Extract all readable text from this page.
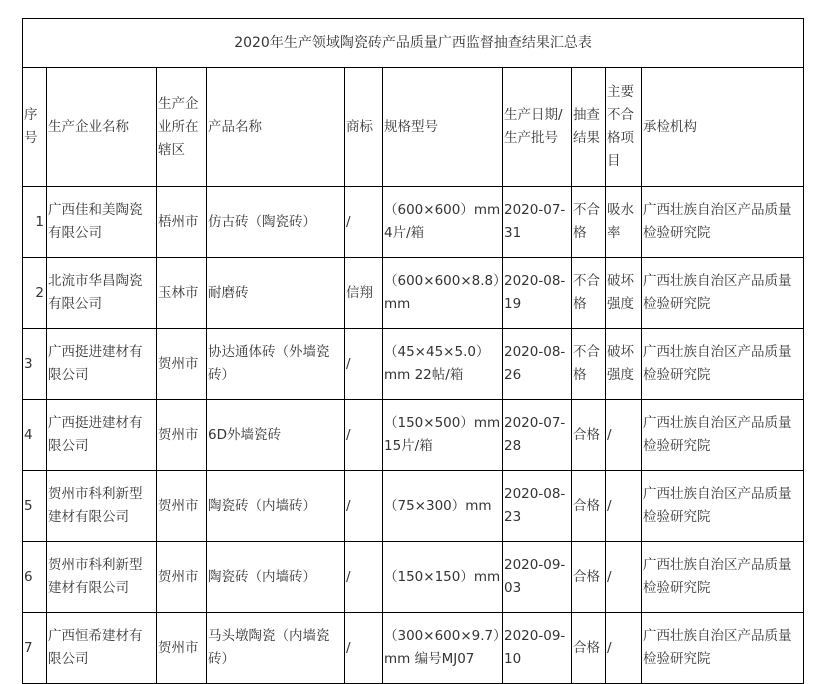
2020年生产领域陶瓷砖产品质量广西监督抽查结果汇总表									
序号	生产企业名称	生产企业所在辖区	产品名称	商标	规格型号	生产日期/生产批号	抽查结果	主要不合格项目	承检机构
1	广西佳和美陶瓷有限公司	梧州市	仿古砖（陶瓷砖）	/	（600×600）mm 4片/箱	2020-07-31	不合格	吸水率	广西壮族自治区产品质量检验研究院
2	北流市华昌陶瓷有限公司	玉林市	耐磨砖	信翔	（600×600×8.8）mm	2020-08-19	不合格	破坏强度	广西壮族自治区产品质量检验研究院
3	广西挺进建材有限公司	贺州市	协达通体砖（外墙瓷砖）	/	（45×45×5.0）mm 22帖/箱	2020-08-26	不合格	破坏强度	广西壮族自治区产品质量检验研究院
4	广西挺进建材有限公司	贺州市	6D外墙瓷砖	/	（150×500）mm 15片/箱	2020-07-28	合格	/	广西壮族自治区产品质量检验研究院
5	贺州市科利新型建材有限公司	贺州市	陶瓷砖（内墙砖）	/	（75×300）mm	2020-08-23	合格	/	广西壮族自治区产品质量检验研究院
6	贺州市科利新型建材有限公司	贺州市	陶瓷砖（内墙砖）	/	（150×150）mm	2020-09-03	合格	/	广西壮族自治区产品质量检验研究院
7	广西恒希建材有限公司	贺州市	马头墩陶瓷（内墙瓷砖）	/	（300×600×9.7）mm 编号MJ07	2020-09-10	合格	/	广西壮族自治区产品质量检验研究院
